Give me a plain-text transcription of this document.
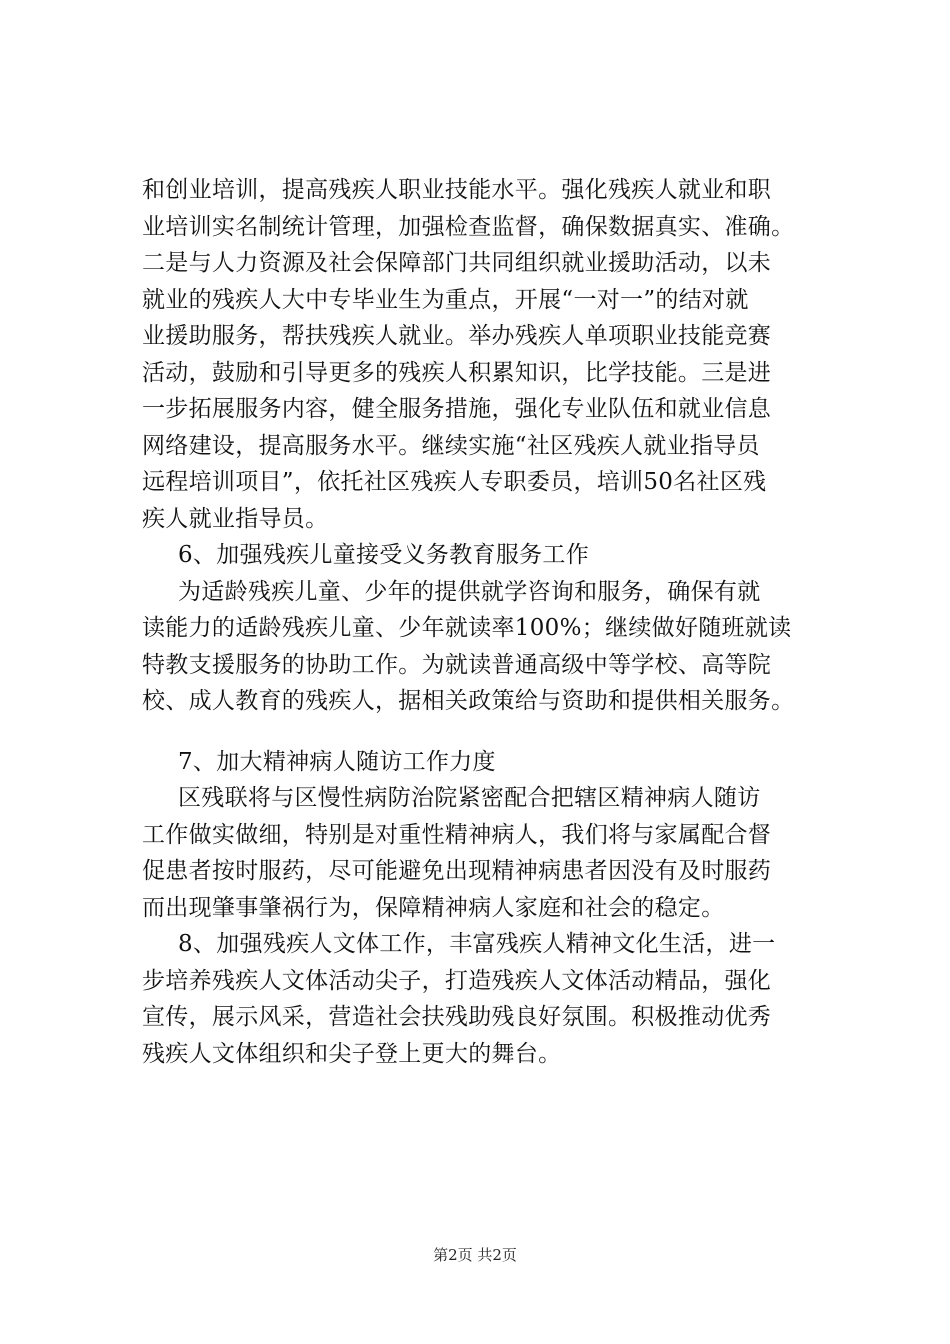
和创业培训，提高残疾人职业技能水平。强化残疾人就业和职
业培训实名制统计管理，加强检查监督，确保数据真实、准确。
二是与人力资源及社会保障部门共同组织就业援助活动，以未
就业的残疾人大中专毕业生为重点，开展“一对一”的结对就
业援助服务，帮扶残疾人就业。举办残疾人单项职业技能竞赛
活动，鼓励和引导更多的残疾人积累知识，比学技能。三是进
一步拓展服务内容，健全服务措施，强化专业队伍和就业信息
网络建设，提高服务水平。继续实施“社区残疾人就业指导员
远程培训项目”，依托社区残疾人专职委员，培训50名社区残
疾人就业指导员。

6、加强残疾儿童接受义务教育服务工作

为适龄残疾儿童、少年的提供就学咨询和服务，确保有就
读能力的适龄残疾儿童、少年就读率100%；继续做好随班就读
特教支援服务的协助工作。为就读普通高级中等学校、高等院
校、成人教育的残疾人，据相关政策给与资助和提供相关服务。

7、加大精神病人随访工作力度

区残联将与区慢性病防治院紧密配合把辖区精神病人随访
工作做实做细，特别是对重性精神病人，我们将与家属配合督
促患者按时服药，尽可能避免出现精神病患者因没有及时服药
而出现肇事肇祸行为，保障精神病人家庭和社会的稳定。

8、加强残疾人文体工作，丰富残疾人精神文化生活，进一
步培养残疾人文体活动尖子，打造残疾人文体活动精品，强化
宣传，展示风采，营造社会扶残助残良好氛围。积极推动优秀
残疾人文体组织和尖子登上更大的舞台。

第2页 共2页
